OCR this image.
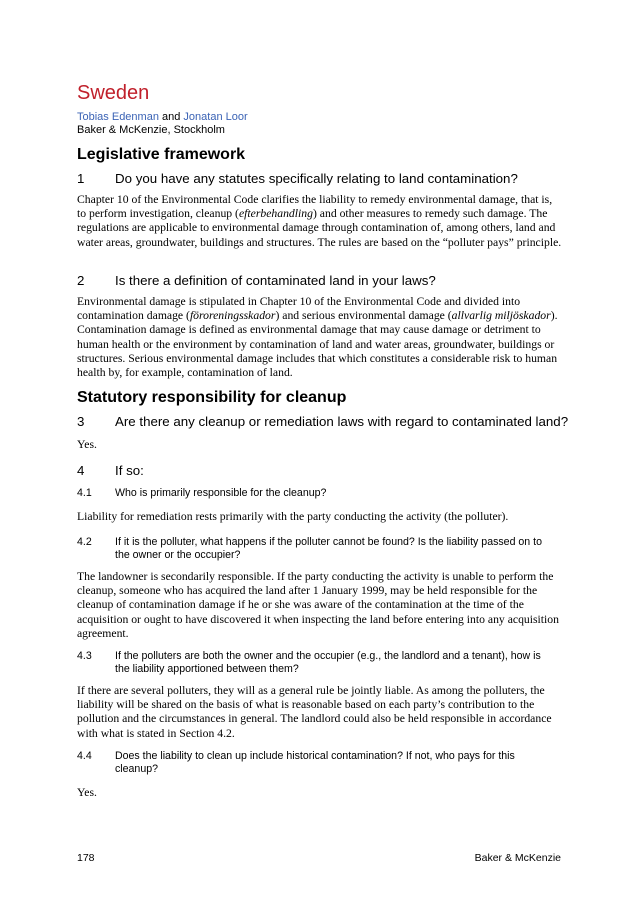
Sweden
Tobias Edenman and Jonatan Loor
Baker & McKenzie, Stockholm
Legislative framework
1 Do you have any statutes specifically relating to land contamination?
Chapter 10 of the Environmental Code clarifies the liability to remedy environmental damage, that is, to perform investigation, cleanup (efterbehandling) and other measures to remedy such damage. The regulations are applicable to environmental damage through contamination of, among others, land and water areas, groundwater, buildings and structures. The rules are based on the “polluter pays” principle.
2 Is there a definition of contaminated land in your laws?
Environmental damage is stipulated in Chapter 10 of the Environmental Code and divided into contamination damage (föroreningsskador) and serious environmental damage (allvarlig miljöskador). Contamination damage is defined as environmental damage that may cause damage or detriment to human health or the environment by contamination of land and water areas, groundwater, buildings or structures. Serious environmental damage includes that which constitutes a considerable risk to human health by, for example, contamination of land.
Statutory responsibility for cleanup
3 Are there any cleanup or remediation laws with regard to contaminated land?
Yes.
4 If so:
4.1 Who is primarily responsible for the cleanup?
Liability for remediation rests primarily with the party conducting the activity (the polluter).
4.2 If it is the polluter, what happens if the polluter cannot be found? Is the liability passed on to the owner or the occupier?
The landowner is secondarily responsible. If the party conducting the activity is unable to perform the cleanup, someone who has acquired the land after 1 January 1999, may be held responsible for the cleanup of contamination damage if he or she was aware of the contamination at the time of the acquisition or ought to have discovered it when inspecting the land before entering into any acquisition agreement.
4.3 If the polluters are both the owner and the occupier (e.g., the landlord and a tenant), how is the liability apportioned between them?
If there are several polluters, they will as a general rule be jointly liable. As among the polluters, the liability will be shared on the basis of what is reasonable based on each party’s contribution to the pollution and the circumstances in general. The landlord could also be held responsible in accordance with what is stated in Section 4.2.
4.4 Does the liability to clean up include historical contamination? If not, who pays for this cleanup?
Yes.
178	Baker & McKenzie
